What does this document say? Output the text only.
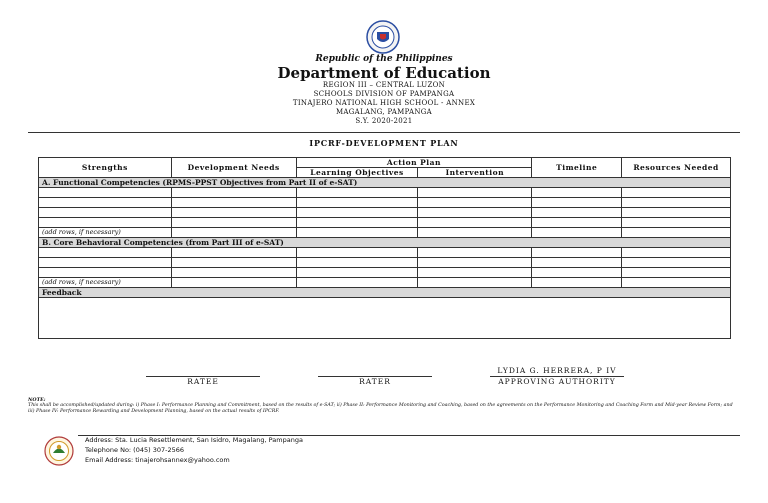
Republic of the Philippines
Department of Education
REGION III – CENTRAL LUZON
SCHOOLS DIVISION OF PAMPANGA
TINAJERO NATIONAL HIGH SCHOOL - ANNEX
MAGALANG, PAMPANGA
S.Y. 2020-2021
IPCRF-DEVELOPMENT PLAN
Strengths	Development Needs	Action Plan		Timeline	Resources Needed
		Learning Objectives	Intervention		
A. Functional Competencies (RPMS-PPST Objectives from Part II of e-SAT)					

(add rows, if necessary)					
B. Core Behavioral Competencies (from Part III of e-SAT)					

(add rows, if necessary)					
Feedback					

RATEE	RATER
LYDIA G. HERRERA, P IV
APPROVING AUTHORITY
NOTE:
This shall be accomplished/updated during: i) Phase I: Performance Planning and Commitment, based on the results of e-SAT; ii) Phase II: Performance Monitoring and Coaching, based on the agreements on the Performance Monitoring and Coaching Form and Mid-year Review Form; and iii) Phase IV: Performance Rewarding and Development Planning, based on the actual results of IPCRF.
Address: Sta. Lucia Resettlement, San Isidro, Magalang, Pampanga
Telephone No: (045) 307-2566
Email Address: tinajerohsannex@yahoo.com
